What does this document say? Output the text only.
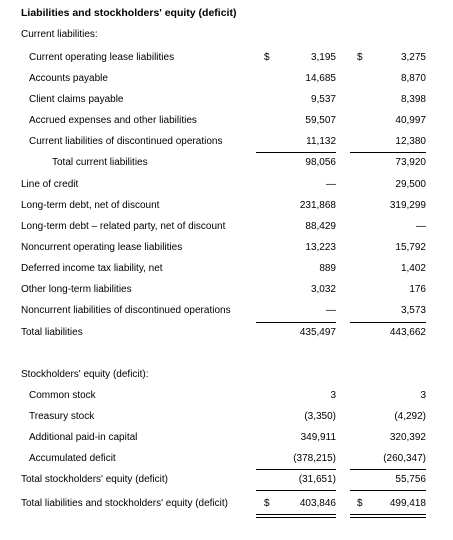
Liabilities and stockholders' equity (deficit)
Current liabilities:
Current operating lease liabilities	$	3,195 $	3,275
Accounts payable	14,685	8,870
Client claims payable	9,537	8,398
Accrued expenses and other liabilities	59,507	40,997
Current liabilities of discontinued operations	11,132	12,380
Total current liabilities	98,056	73,920
Line of credit	—	29,500
Long-term debt, net of discount	231,868	319,299
Long-term debt – related party, net of discount	88,429	—
Noncurrent operating lease liabilities	13,223	15,792
Deferred income tax liability, net	889	1,402
Other long-term liabilities	3,032	176
Noncurrent liabilities of discontinued operations	—	3,573
Total liabilities	435,497	443,662
Stockholders' equity (deficit):
Common stock	3	3
Treasury stock	(3,350)	(4,292)
Additional paid-in capital	349,911	320,392
Accumulated deficit	(378,215)	(260,347)
Total stockholders' equity (deficit)	(31,651)	55,756
Total liabilities and stockholders' equity (deficit)	$	403,846 $	499,418
